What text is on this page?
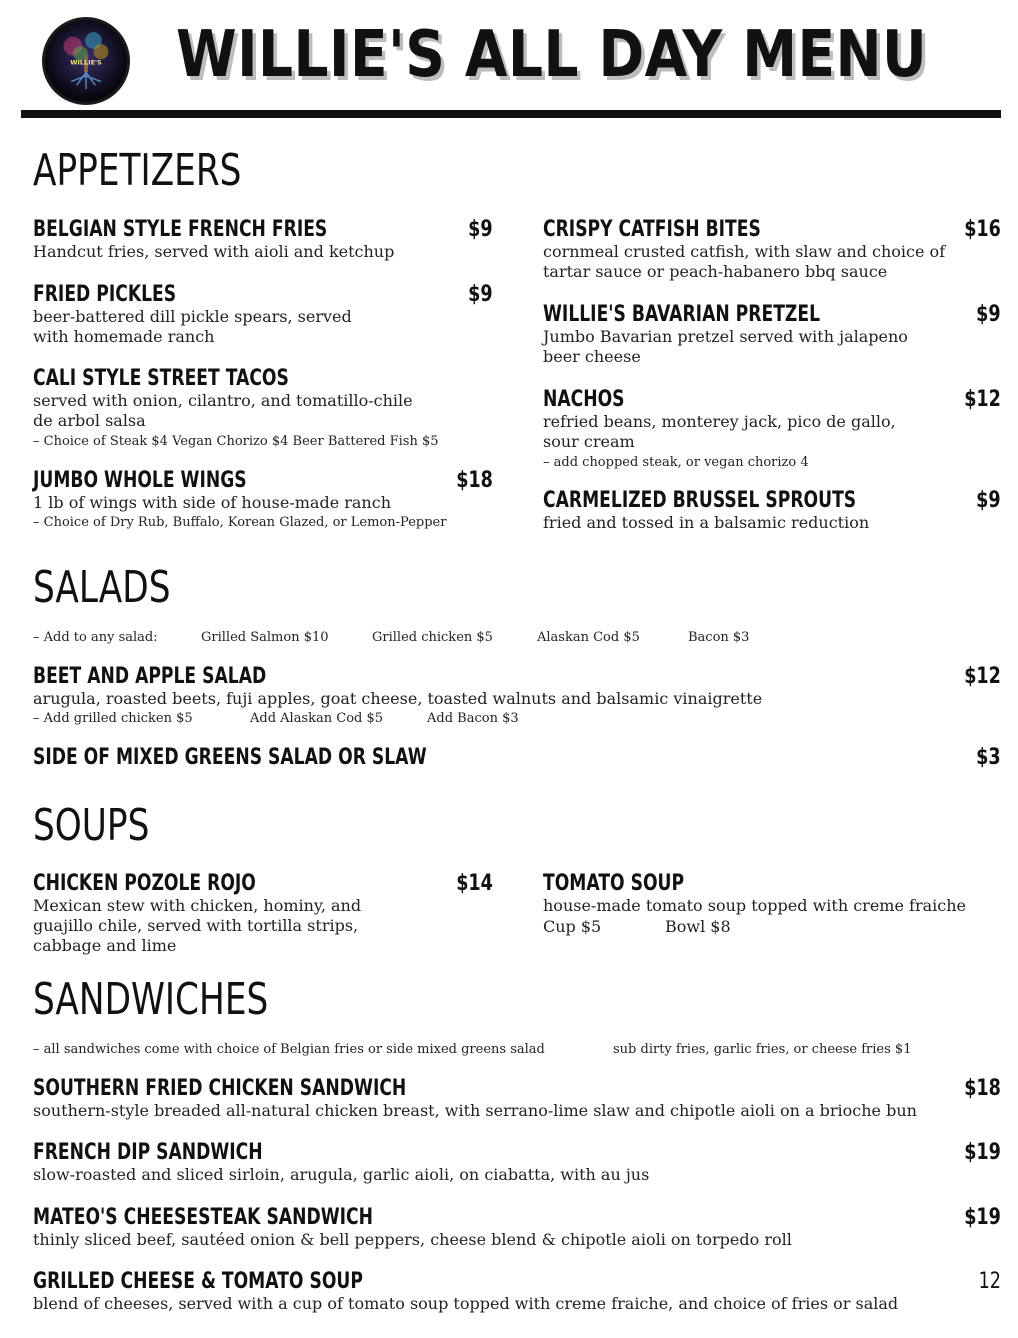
WILLIE'S WILLIE'S ALL DAY MENU
APPETIZERS
BELGIAN STYLE FRENCH FRIES	$9
Handcut fries, served with aioli and ketchup
FRIED PICKLES	$9
beer-battered dill pickle spears, served with homemade ranch
CALI STYLE STREET TACOS
served with onion, cilantro, and tomatillo-chile de arbol salsa
– Choice of Steak $4 Vegan Chorizo $4 Beer Battered Fish $5
JUMBO WHOLE WINGS	$18
1 lb of wings with side of house-made ranch
– Choice of Dry Rub, Buffalo, Korean Glazed, or Lemon-Pepper
CRISPY CATFISH BITES	$16
cornmeal crusted catfish, with slaw and choice of tartar sauce or peach-habanero bbq sauce
WILLIE'S BAVARIAN PRETZEL	$9
Jumbo Bavarian pretzel served with jalapeno beer cheese
NACHOS	$12
refried beans, monterey jack, pico de gallo, sour cream
– add chopped steak, or vegan chorizo 4
CARMELIZED BRUSSEL SPROUTS	$9
fried and tossed in a balsamic reduction
SALADS
– Add to any salad:	Grilled Salmon $10	Grilled chicken $5	Alaskan Cod $5	Bacon $3
BEET AND APPLE SALAD	$12
arugula, roasted beets, fuji apples, goat cheese, toasted walnuts and balsamic vinaigrette
– Add grilled chicken $5	Add Alaskan Cod $5	Add Bacon $3
SIDE OF MIXED GREENS SALAD OR SLAW	$3
SOUPS
CHICKEN POZOLE ROJO	$14
Mexican stew with chicken, hominy, and guajillo chile, served with tortilla strips, cabbage and lime
TOMATO SOUP
house-made tomato soup topped with creme fraiche
Cup $5	Bowl $8
SANDWICHES
– all sandwiches come with choice of Belgian fries or side mixed greens salad	sub dirty fries, garlic fries, or cheese fries $1
SOUTHERN FRIED CHICKEN SANDWICH	$18
southern-style breaded all-natural chicken breast, with serrano-lime slaw and chipotle aioli on a brioche bun
FRENCH DIP SANDWICH	$19
slow-roasted and sliced sirloin, arugula, garlic aioli, on ciabatta, with au jus
MATEO'S CHEESESTEAK SANDWICH	$19
thinly sliced beef, sautéed onion & bell peppers, cheese blend & chipotle aioli on torpedo roll
GRILLED CHEESE & TOMATO SOUP	12
blend of cheeses, served with a cup of tomato soup topped with creme fraiche, and choice of fries or salad
